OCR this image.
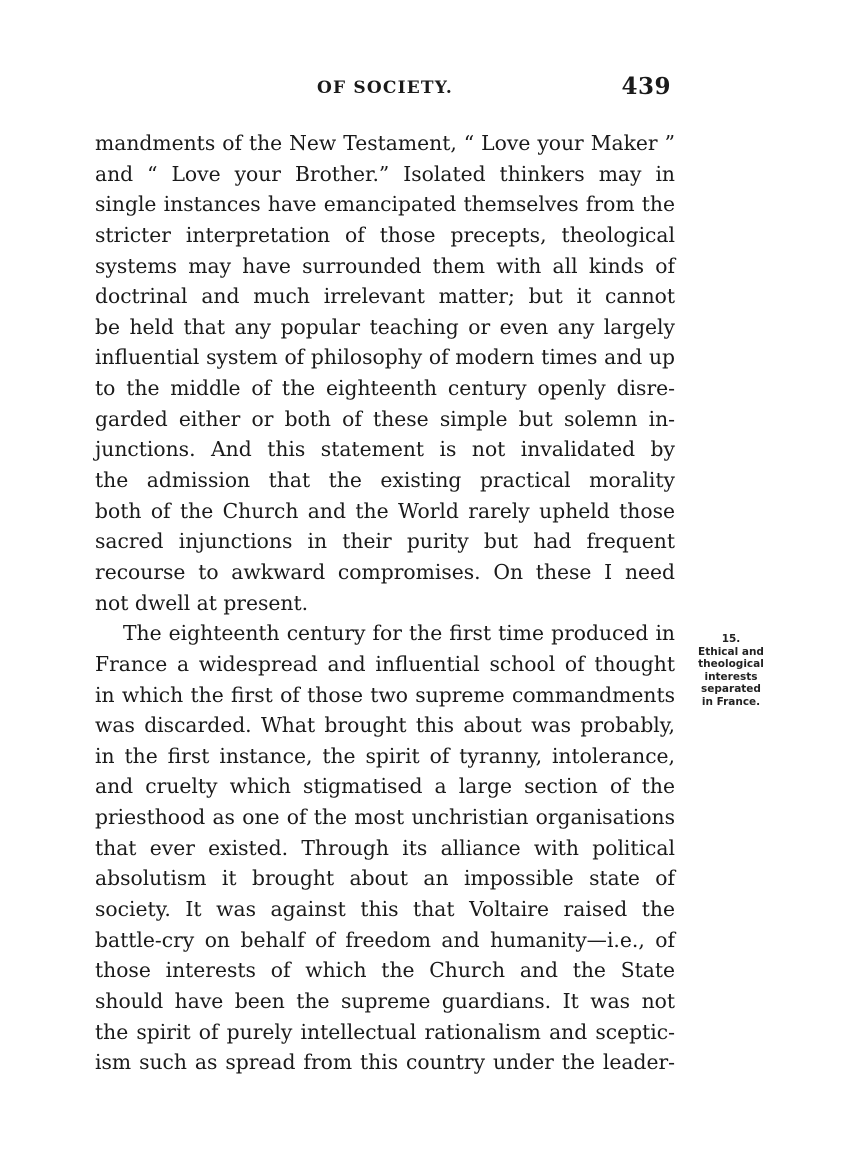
OF SOCIETY.	439
mandments of the New Testament, “ Love your Maker ”
and “ Love your Brother.” Isolated thinkers may in
single instances have emancipated themselves from the
stricter interpretation of those precepts, theological
systems may have surrounded them with all kinds of
doctrinal and much irrelevant matter; but it cannot
be held that any popular teaching or even any largely
influential system of philosophy of modern times and up
to the middle of the eighteenth century openly disre-
garded either or both of these simple but solemn in-
junctions. And this statement is not invalidated by
the admission that the existing practical morality
both of the Church and the World rarely upheld those
sacred injunctions in their purity but had frequent
recourse to awkward compromises. On these I need
not dwell at present.
The eighteenth century for the first time produced in
France a widespread and influential school of thought
in which the first of those two supreme commandments
was discarded. What brought this about was probably,
in the first instance, the spirit of tyranny, intolerance,
and cruelty which stigmatised a large section of the
priesthood as one of the most unchristian organisations
that ever existed. Through its alliance with political
absolutism it brought about an impossible state of
society. It was against this that Voltaire raised the
battle-cry on behalf of freedom and humanity—i.e., of
those interests of which the Church and the State
should have been the supreme guardians. It was not
the spirit of purely intellectual rationalism and sceptic-
ism such as spread from this country under the leader-
15.
Ethical and
theological
interests
separated
in France.
